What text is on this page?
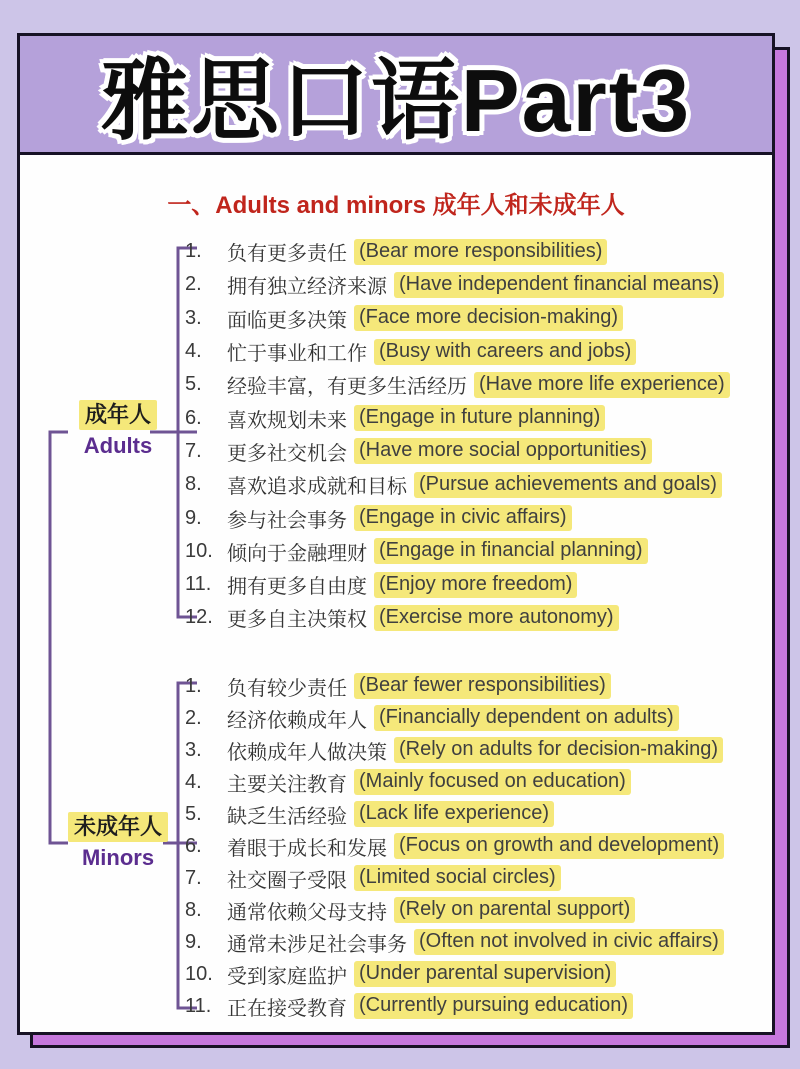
雅思口语Part3
一、Adults and minors 成年人和未成年人
成年人
Adults
未成年人
Minors
1.	负有更多责任 (Bear more responsibilities)
2.	拥有独立经济来源 (Have independent financial means)
3.	面临更多决策 (Face more decision-making)
4.	忙于事业和工作 (Busy with careers and jobs)
5.	经验丰富，有更多生活经历 (Have more life experience)
6.	喜欢规划未来 (Engage in future planning)
7.	更多社交机会 (Have more social opportunities)
8.	喜欢追求成就和目标 (Pursue achievements and goals)
9.	参与社会事务 (Engage in civic affairs)
10. 倾向于金融理财 (Engage in financial planning)
11. 拥有更多自由度 (Enjoy more freedom)
12. 更多自主决策权 (Exercise more autonomy)
1.	负有较少责任 (Bear fewer responsibilities)
2.	经济依赖成年人 (Financially dependent on adults)
3.	依赖成年人做决策 (Rely on adults for decision-making)
4.	主要关注教育 (Mainly focused on education)
5.	缺乏生活经验 (Lack life experience)
6.	着眼于成长和发展 (Focus on growth and development)
7.	社交圈子受限 (Limited social circles)
8.	通常依赖父母支持 (Rely on parental support)
9.	通常未涉足社会事务 (Often not involved in civic affairs)
10. 受到家庭监护 (Under parental supervision)
11. 正在接受教育 (Currently pursuing education)
